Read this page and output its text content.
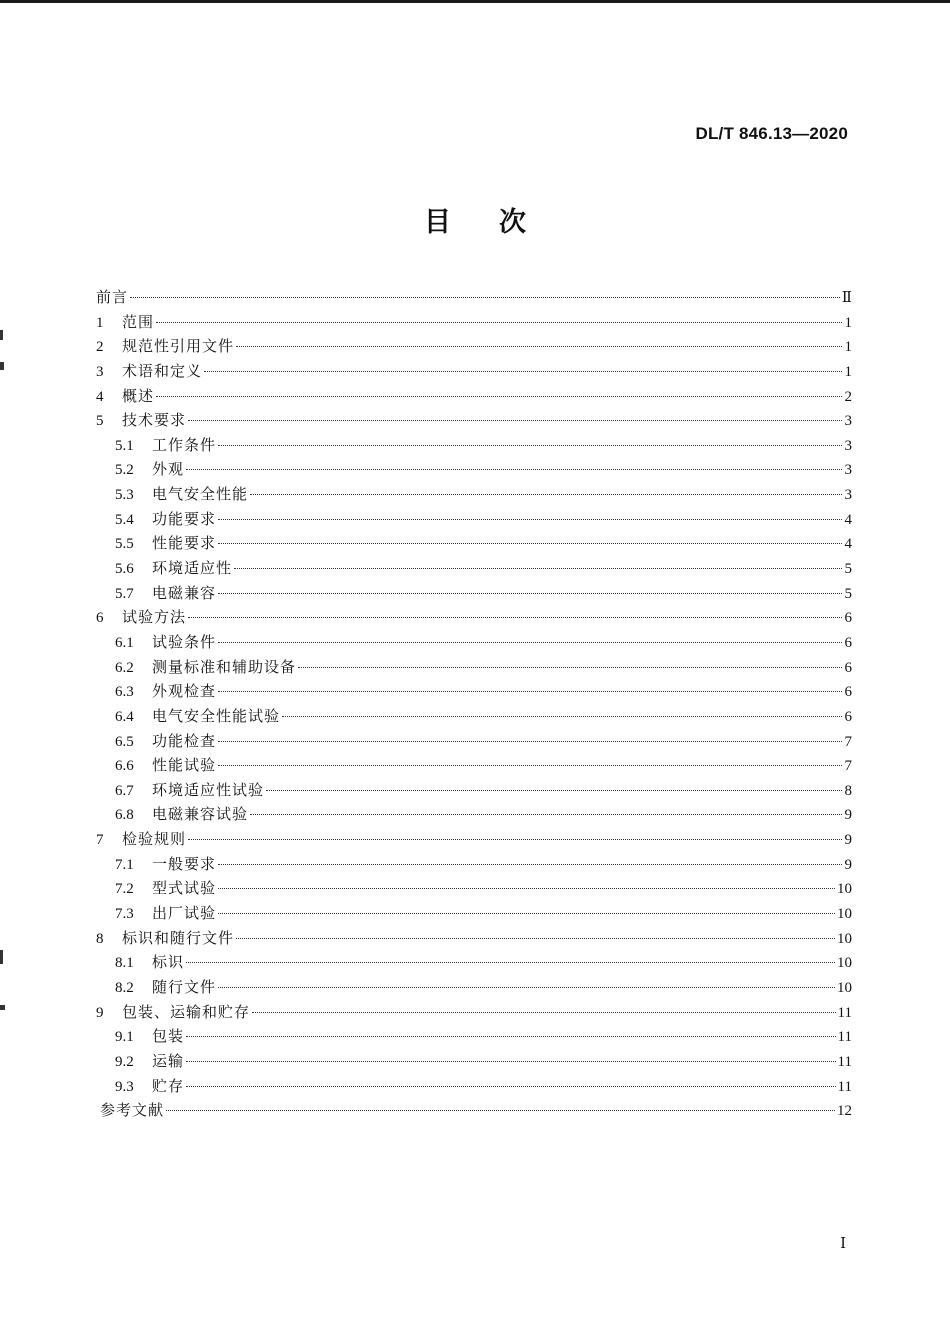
DL/T 846.13—2020
目次
前言	Ⅱ
1	范围	1
2	规范性引用文件	1
3	术语和定义	1
4	概述	2
5	技术要求	3
5.1	工作条件	3
5.2	外观	3
5.3	电气安全性能	3
5.4	功能要求	4
5.5	性能要求	4
5.6	环境适应性	5
5.7	电磁兼容	5
6	试验方法	6
6.1	试验条件	6
6.2	测量标准和辅助设备	6
6.3	外观检查	6
6.4	电气安全性能试验	6
6.5	功能检查	7
6.6	性能试验	7
6.7	环境适应性试验	8
6.8	电磁兼容试验	9
7	检验规则	9
7.1	一般要求	9
7.2	型式试验	10
7.3	出厂试验	10
8	标识和随行文件	10
8.1	标识	10
8.2	随行文件	10
9	包装、运输和贮存	11
9.1	包装	11
9.2	运输	11
9.3	贮存	11
参考文献	12
Ⅰ
